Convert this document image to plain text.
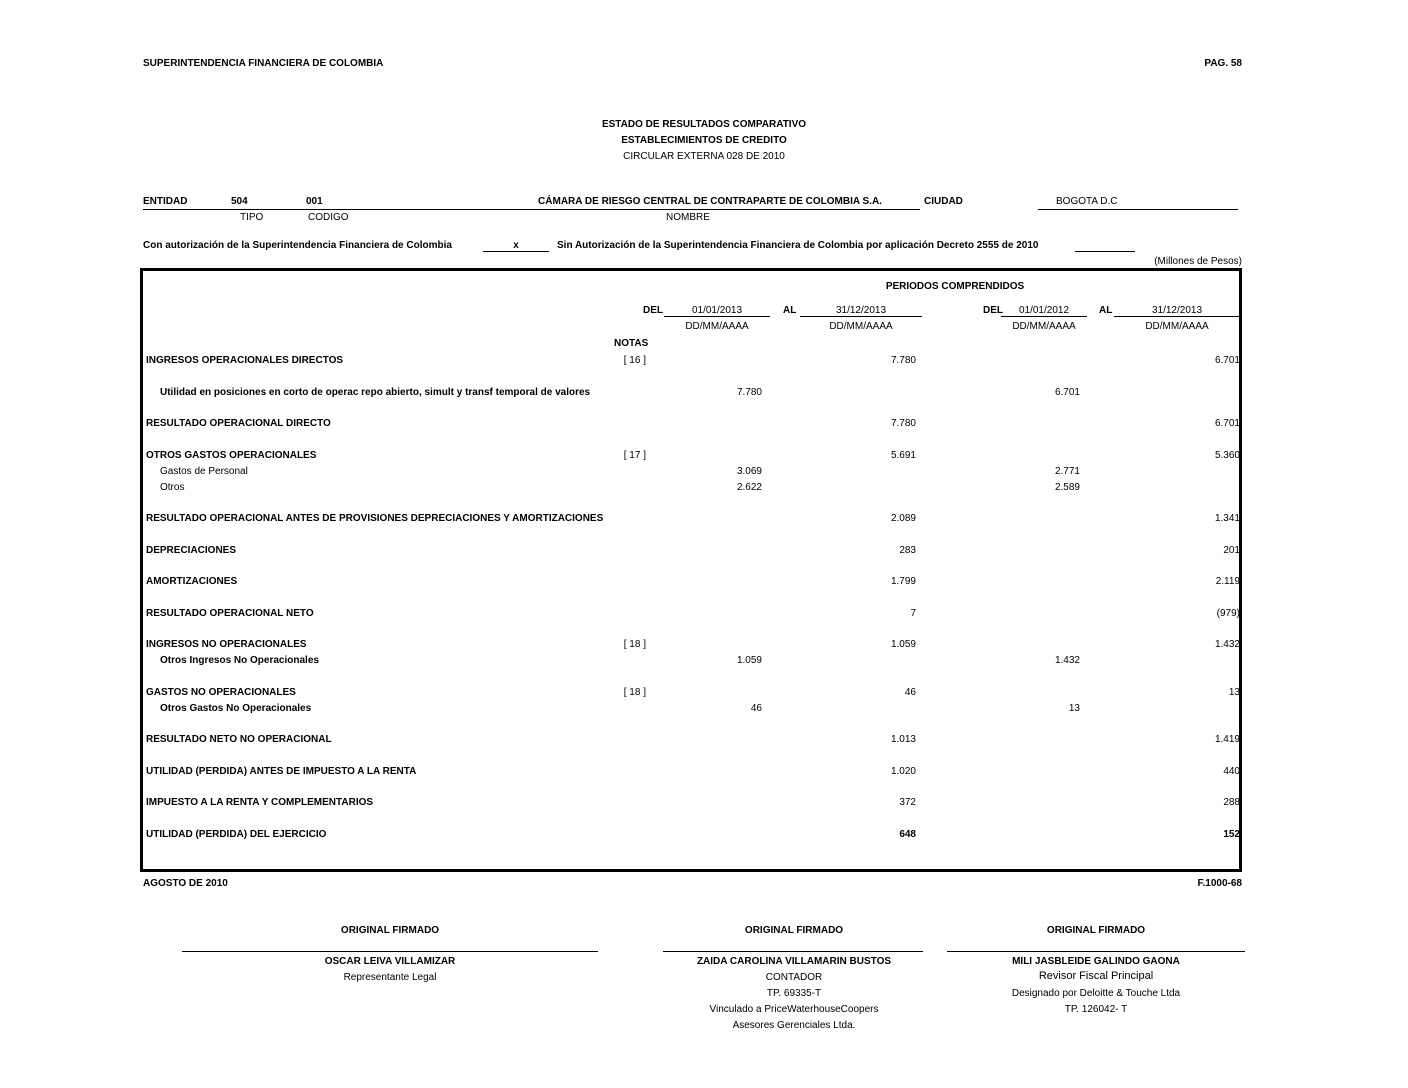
SUPERINTENDENCIA FINANCIERA DE COLOMBIA	PAG. 58
ESTADO DE RESULTADOS COMPARATIVO
ESTABLECIMIENTOS DE CREDITO
CIRCULAR EXTERNA 028 DE 2010
ENTIDAD	504	001	CÁMARA DE RIESGO CENTRAL DE CONTRAPARTE DE COLOMBIA S.A.	CIUDAD	BOGOTA D.C
TIPO	CODIGO	NOMBRE
Con autorización de la Superintendencia Financiera de Colombia	x	Sin Autorización de la Superintendencia Financiera de Colombia por aplicación Decreto 2555 de 2010
(Millones de Pesos)
PERIODOS COMPRENDIDOS
DEL	01/01/2013	AL	31/12/2013
DD/MM/AAAA	DD/MM/AAAA
DEL	01/01/2012	AL	31/12/2013
DD/MM/AAAA	DD/MM/AAAA
NOTAS
INGRESOS OPERACIONALES DIRECTOS	[ 16 ]	7.780	6.701
Utilidad en posiciones en corto de operac repo abierto, simult y transf temporal de valores	7.780	6.701
RESULTADO OPERACIONAL DIRECTO	7.780	6.701
OTROS GASTOS OPERACIONALES	[ 17 ]	5.691	5.360
Gastos de Personal	3.069	2.771
Otros	2.622	2.589
RESULTADO OPERACIONAL ANTES DE PROVISIONES DEPRECIACIONES Y AMORTIZACIONES	2.089	1.341
DEPRECIACIONES	283	201
AMORTIZACIONES	1.799	2.119
RESULTADO OPERACIONAL NETO	7	(979)
INGRESOS NO OPERACIONALES	[ 18 ]	1.059	1.432
Otros Ingresos No Operacionales	1.059	1.432
GASTOS NO OPERACIONALES	[ 18 ]	46	13
Otros Gastos No Operacionales	46	13
RESULTADO NETO NO OPERACIONAL	1.013	1.419
UTILIDAD (PERDIDA) ANTES DE IMPUESTO A LA RENTA	1.020	440
IMPUESTO A LA RENTA Y COMPLEMENTARIOS	372	288
UTILIDAD (PERDIDA) DEL EJERCICIO	648	152
AGOSTO DE 2010	F.1000-68
ORIGINAL FIRMADO
OSCAR LEIVA VILLAMIZAR
Representante Legal
ORIGINAL FIRMADO
ZAIDA CAROLINA VILLAMARIN BUSTOS
CONTADOR
TP. 69335-T
Vinculado a PriceWaterhouseCoopers
Asesores Gerenciales Ltda.
ORIGINAL FIRMADO
MILI JASBLEIDE GALINDO GAONA
Revisor Fiscal Principal
Designado por Deloitte & Touche Ltda
TP. 126042- T
